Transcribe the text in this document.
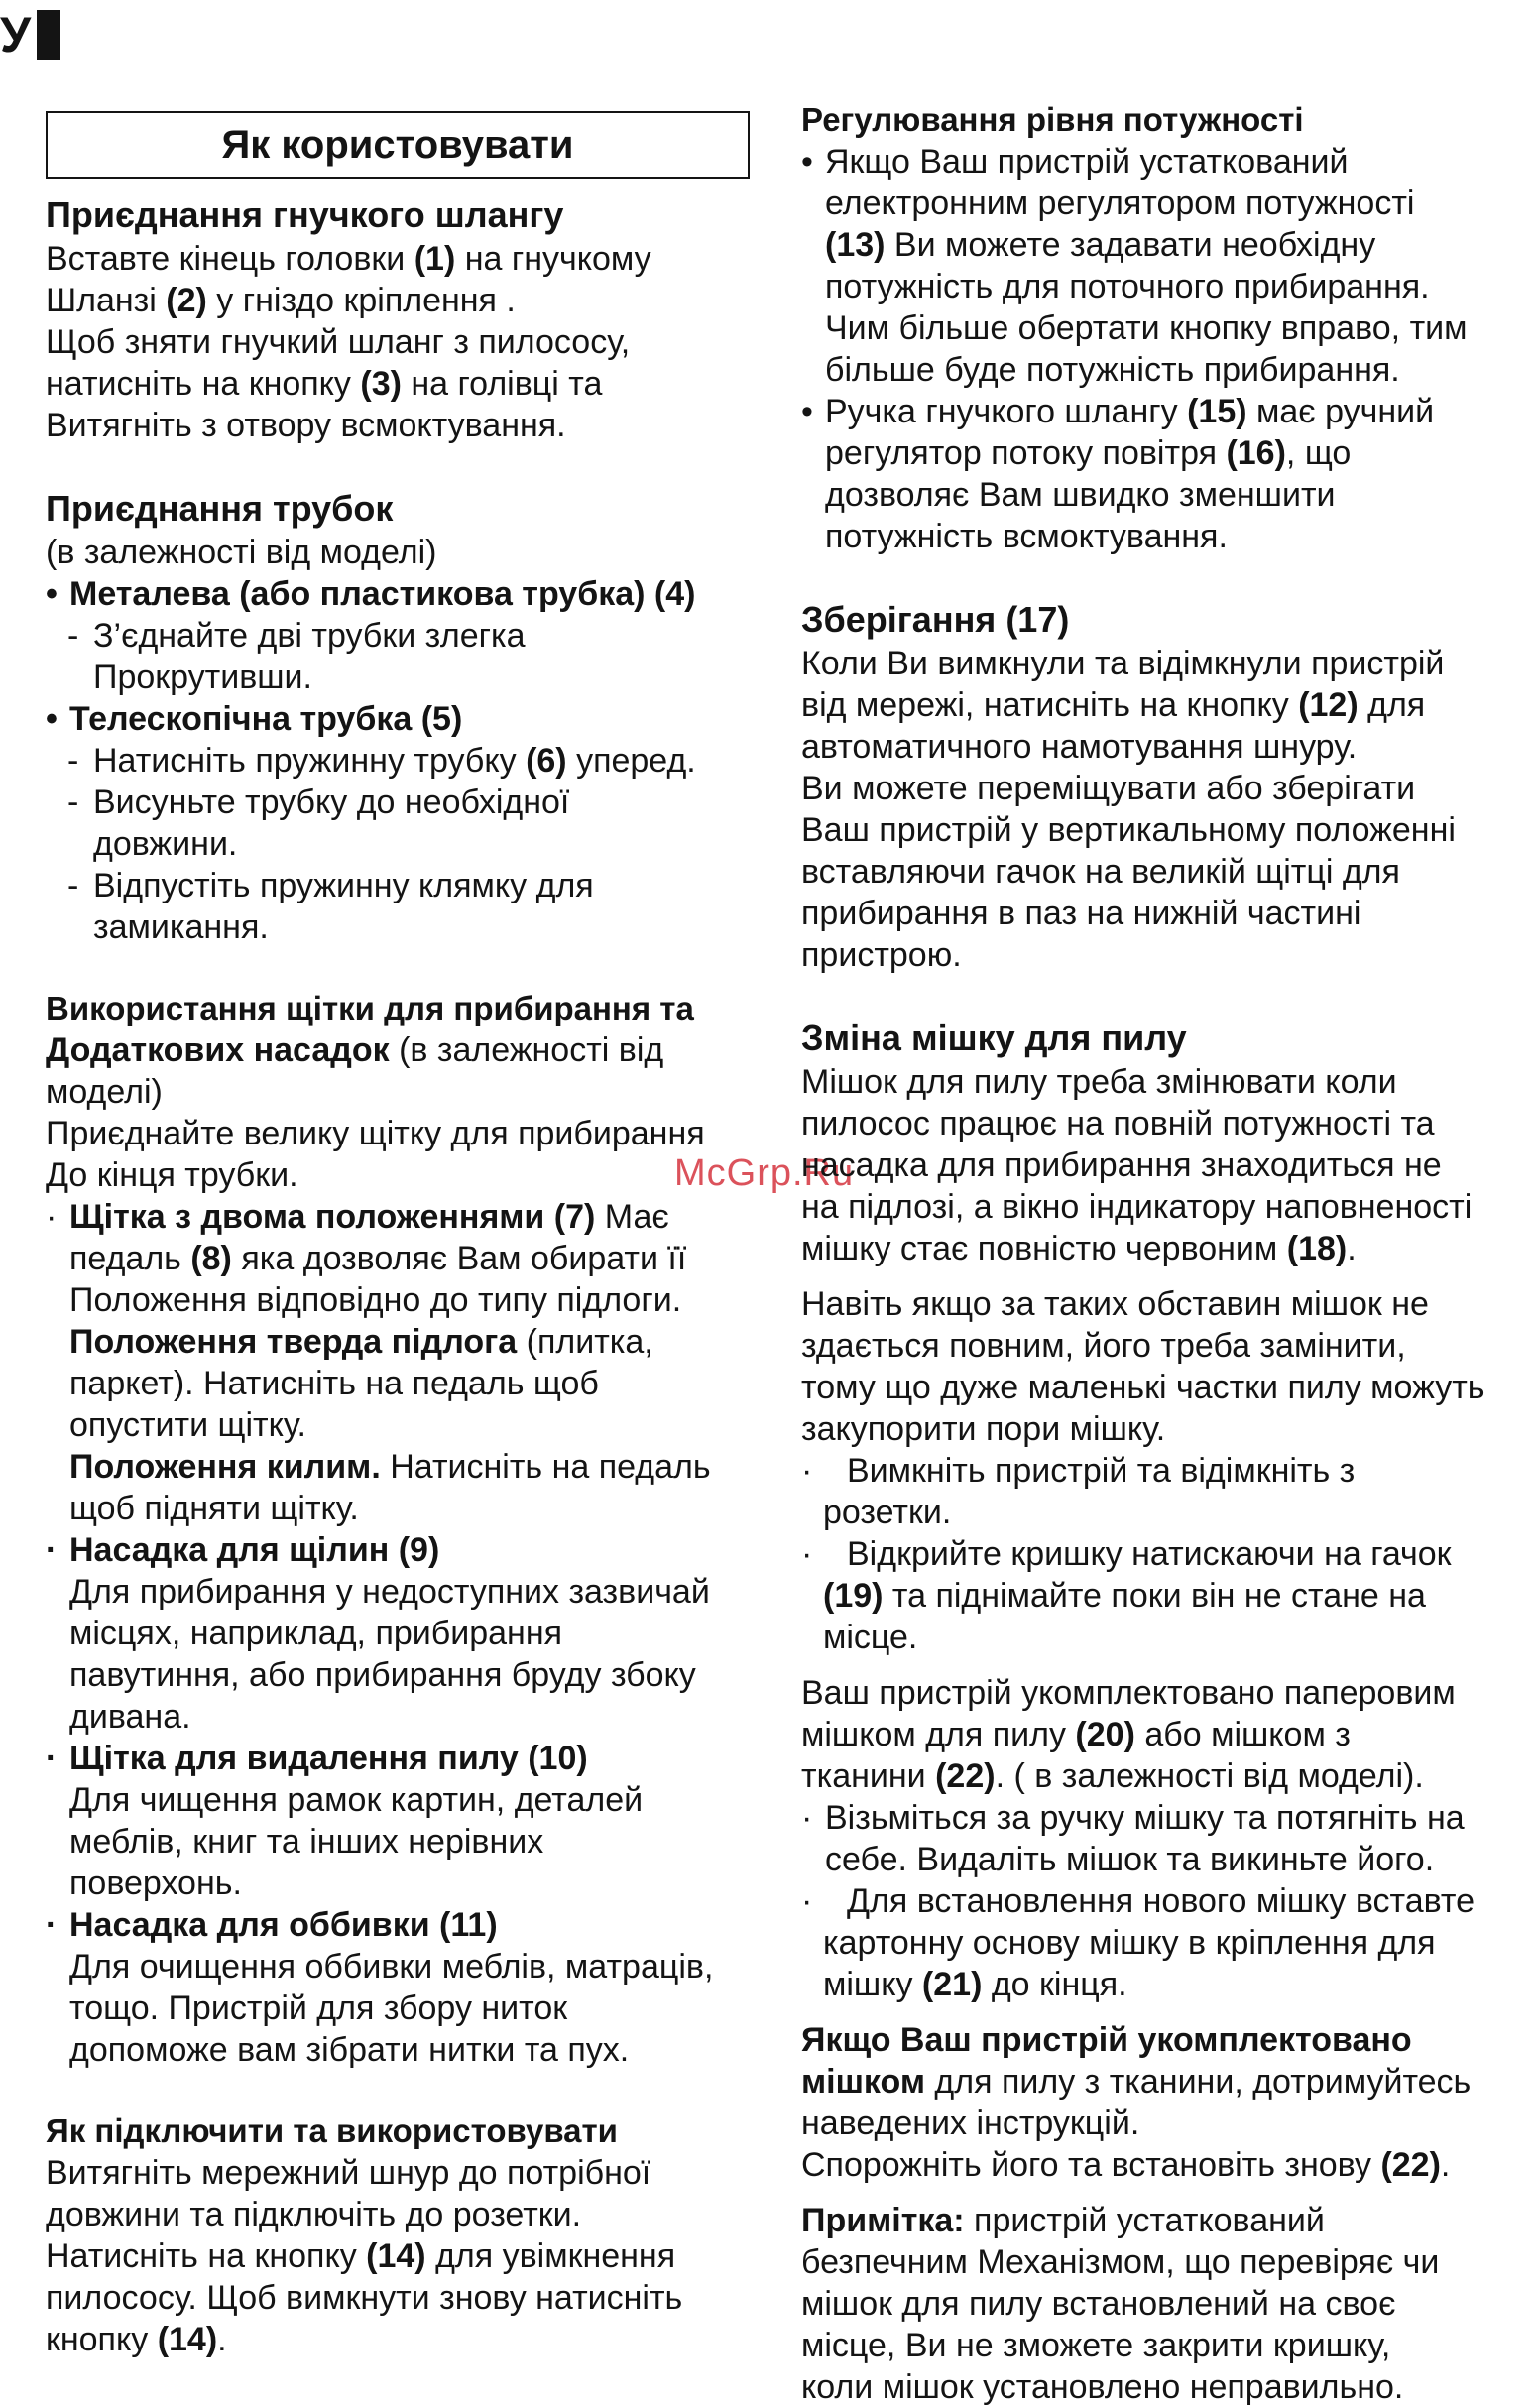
У
McGrp.Ru
Як користовувати

Приєднання гнучкого шлангу

Вставте кінець головки (1) на гнучкому

Шланзі (2) у гніздо кріплення .

Щоб зняти гнучкий шланг з пилососу,

натисніть на кнопку (3) на голівці та

Витягніть з отвору всмоктування.

Приєднання трубок

(в залежності від моделі)

• Металева (або пластикова трубка) (4)

- З’єднайте дві трубки злегка

Прокрутивши.

• Телескопічна трубка (5)

- Натисніть пружинну трубку (6) уперед.

- Висуньте трубку до необхідної

довжини.

- Відпустіть пружинну клямку для

замикання.

Використання щітки для прибирання та

Додаткових насадок (в залежності від

моделі)

Приєднайте велику щітку для прибирання

До кінця трубки.

· Щітка з двома положеннями (7) Має

педаль (8) яка дозволяє Вам обирати її

Положення відповідно до типу підлоги.

Положення тверда підлога (плитка,

паркет). Натисніть на педаль щоб

опустити щітку.

Положення килим. Натисніть на педаль

щоб підняти щітку.

· Насадка для щілин (9)

Для прибирання у недоступних зазвичай

місцях, наприклад, прибирання

павутиння, або прибирання бруду збоку

дивана.

· Щітка для видалення пилу (10)

Для чищення рамок картин, деталей

меблів, книг та інших нерівних

поверхонь.

· Насадка для оббивки (11)

Для очищення оббивки меблів, матраців,

тощо. Пристрій для збору ниток

допоможе вам зібрати нитки та пух.

Як підключити та використовувати

Витягніть мережний шнур до потрібної

довжини та підключіть до розетки.

Натисніть на кнопку (14) для увімкнення

пилососу. Щоб вимкнути знову натисніть

кнопку (14).

Регулювання рівня потужності

• Якщо Ваш пристрій устаткований

електронним регулятором потужності

(13) Ви можете задавати необхідну

потужність для поточного прибирання.

Чим більше обертати кнопку вправо, тим

більше буде потужність прибирання.

• Ручка гнучкого шлангу (15) має ручний

регулятор потоку повітря (16), що

дозволяє Вам швидко зменшити

потужність всмоктування.

Зберігання (17)

Коли Ви вимкнули та відімкнули пристрій

від мережі, натисніть на кнопку (12) для

автоматичного намотування шнуру.

Ви можете переміщувати або зберігати

Ваш пристрій у вертикальному положенні

вставляючи гачок на великій щітці для

прибирання в паз на нижній частині

пристрою.

Зміна мішку для пилу

Мішок для пилу треба змінювати коли

пилосос працює на повній потужності та

насадка для прибирання знаходиться не

на підлозі, а вікно індикатору наповненості

мішку стає повністю червоним (18).

Навіть якщо за таких обставин мішок не

здається повним, його треба замінити,

тому що дуже маленькі частки пилу можуть

закупорити пори мішку.

· Вимкніть пристрій та відімкніть з

розетки.

· Відкрийте кришку натискаючи на гачок

(19) та піднімайте поки він не стане на

місце.

Ваш пристрій укомплектовано паперовим

мішком для пилу (20) або мішком з

тканини (22). ( в залежності від моделі).

· Візьміться за ручку мішку та потягніть на

себе. Видаліть мішок та викиньте його.

· Для встановлення нового мішку вставте

картонну основу мішку в кріплення для

мішку (21) до кінця.

Якщо Ваш пристрій укомплектовано

мішком для пилу з тканини, дотримуйтесь

наведених інструкцій.

Спорожніть його та встановіть знову (22).

Примітка: пристрій устаткований

безпечним Механізмом, що перевіряє чи

мішок для пилу встановлений на своє

місце, Ви не зможете закрити кришку,

коли мішок установлено неправильно.
